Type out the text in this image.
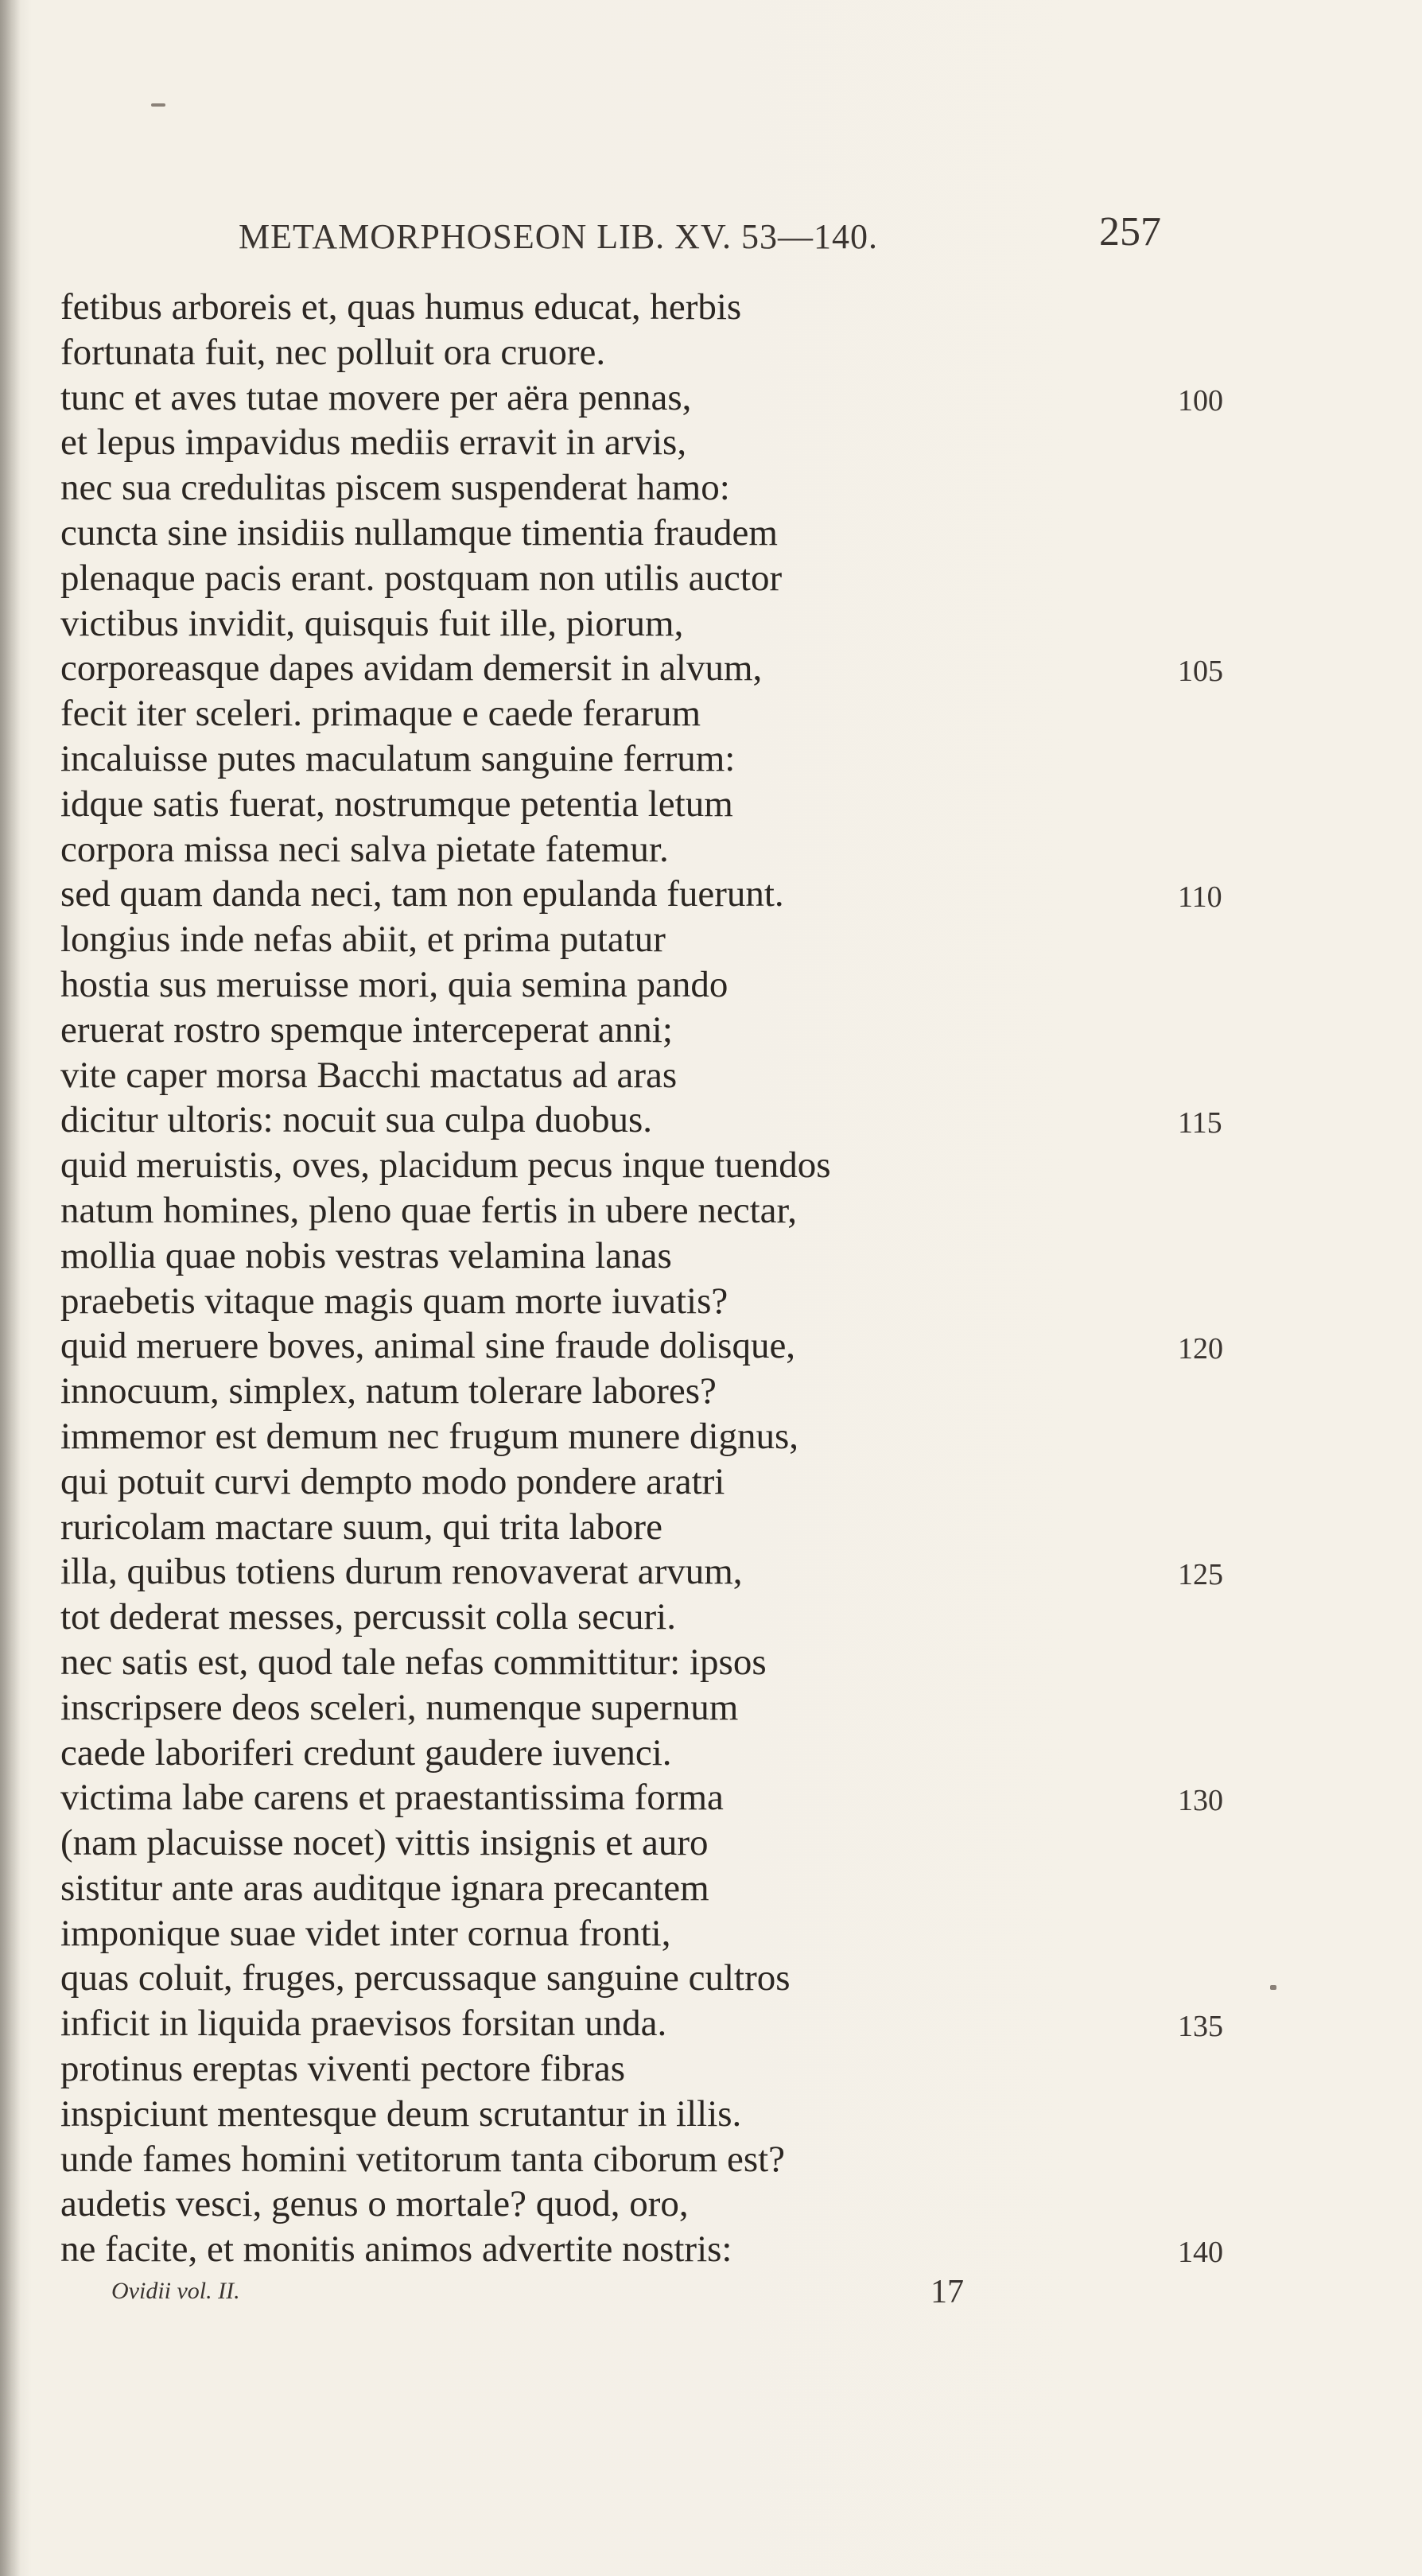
METAMORPHOSEON LIB. XV. 53—140.	257
fetibus arboreis et, quas humus educat, herbis
fortunata fuit, nec polluit ora cruore.
tunc et aves tutae movere per aëra pennas,	100
et lepus impavidus mediis erravit in arvis,
nec sua credulitas piscem suspenderat hamo:
cuncta sine insidiis nullamque timentia fraudem
plenaque pacis erant. postquam non utilis auctor
victibus invidit, quisquis fuit ille, piorum,
corporeasque dapes avidam demersit in alvum,	105
fecit iter sceleri. primaque e caede ferarum
incaluisse putes maculatum sanguine ferrum:
idque satis fuerat, nostrumque petentia letum
corpora missa neci salva pietate fatemur.
sed quam danda neci, tam non epulanda fuerunt.	110
longius inde nefas abiit, et prima putatur
hostia sus meruisse mori, quia semina pando
eruerat rostro spemque interceperat anni;
vite caper morsa Bacchi mactatus ad aras
dicitur ultoris: nocuit sua culpa duobus.	115
quid meruistis, oves, placidum pecus inque tuendos
natum homines, pleno quae fertis in ubere nectar,
mollia quae nobis vestras velamina lanas
praebetis vitaque magis quam morte iuvatis?
quid meruere boves, animal sine fraude dolisque,	120
innocuum, simplex, natum tolerare labores?
immemor est demum nec frugum munere dignus,
qui potuit curvi dempto modo pondere aratri
ruricolam mactare suum, qui trita labore
illa, quibus totiens durum renovaverat arvum,	125
tot dederat messes, percussit colla securi.
nec satis est, quod tale nefas committitur: ipsos
inscripsere deos sceleri, numenque supernum
caede laboriferi credunt gaudere iuvenci.
victima labe carens et praestantissima forma	130
(nam placuisse nocet) vittis insignis et auro
sistitur ante aras auditque ignara precantem
imponique suae videt inter cornua fronti,
quas coluit, fruges, percussaque sanguine cultros
inficit in liquida praevisos forsitan unda.	135
protinus ereptas viventi pectore fibras
inspiciunt mentesque deum scrutantur in illis.
unde fames homini vetitorum tanta ciborum est?
audetis vesci, genus o mortale? quod, oro,
ne facite, et monitis animos advertite nostris:	140
Ovidii vol. II.	17
